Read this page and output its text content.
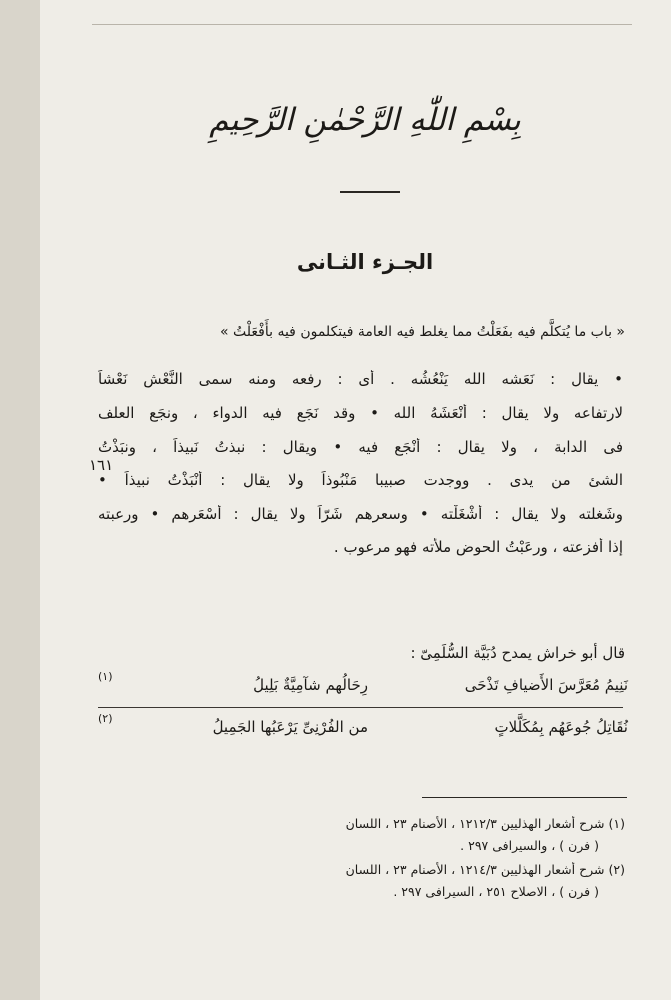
بِسْمِ اللّٰهِ الرَّحْمٰنِ الرَّحِيمِ
الجـزء الثـانى
« باب ما يُتكلَّم فيه بفَعَلْتُ مما يغلط فيه العامة فيتكلمون فيه بأَفْعَلْتُ »
• يقال : نَعَشه الله يَنْعُشُه . أى : رفعه ومنه سمى النَّعْش نَعْشاً
لارتفاعه ولا يقال : أَنْعَشَهُ الله • وقد نَجَع فيه الدواء ، ونجَع العلف
فى الدابة ، ولا يقال : أَنْجَع فيه • ويقال : نبذتُ نَبيذاً ، ونبَذْتُ
الشئ من يدى . ووجدت صبيبا مَنْبُوذاً ولا يقال : أنْبَذْتُ نبيذاً •
وشَغلته ولا يقال : أشْغَلْته • وسعرهم شَرّاً ولا يقال : أسْعَرهم • ورعبته
إذا أفزعته ، ورعَبْتُ الحوض ملأته فهو مرعوب .
١٦١
قال أبو خراش يمدح دُبَيَّة السُّلَمِىّ :
نَنِيمُ مُعَرَّسَ الأَضيافِ تَذْحَى
رِحَالُهم شآمِيَّةٌ بَلِيلُ
(١)
نُقَاتِلُ جُوعَهُم بِمُكَلَّلاتٍ
من الفُرْنِىِّ يَرْعَبُها الجَمِيلُ
(٢)
(١) شرح أشعار الهذليين ١٢١٢/٣ ، الأصنام ٢٣ ، اللسان
( فرن ) ، والسيرافى ٢٩٧ .
(٢) شرح أشعار الهذليين ١٢١٤/٣ ، الأصنام ٢٣ ، اللسان
( فرن ) ، الاصلاح ٢٥١ ، السيرافى ٢٩٧ .
